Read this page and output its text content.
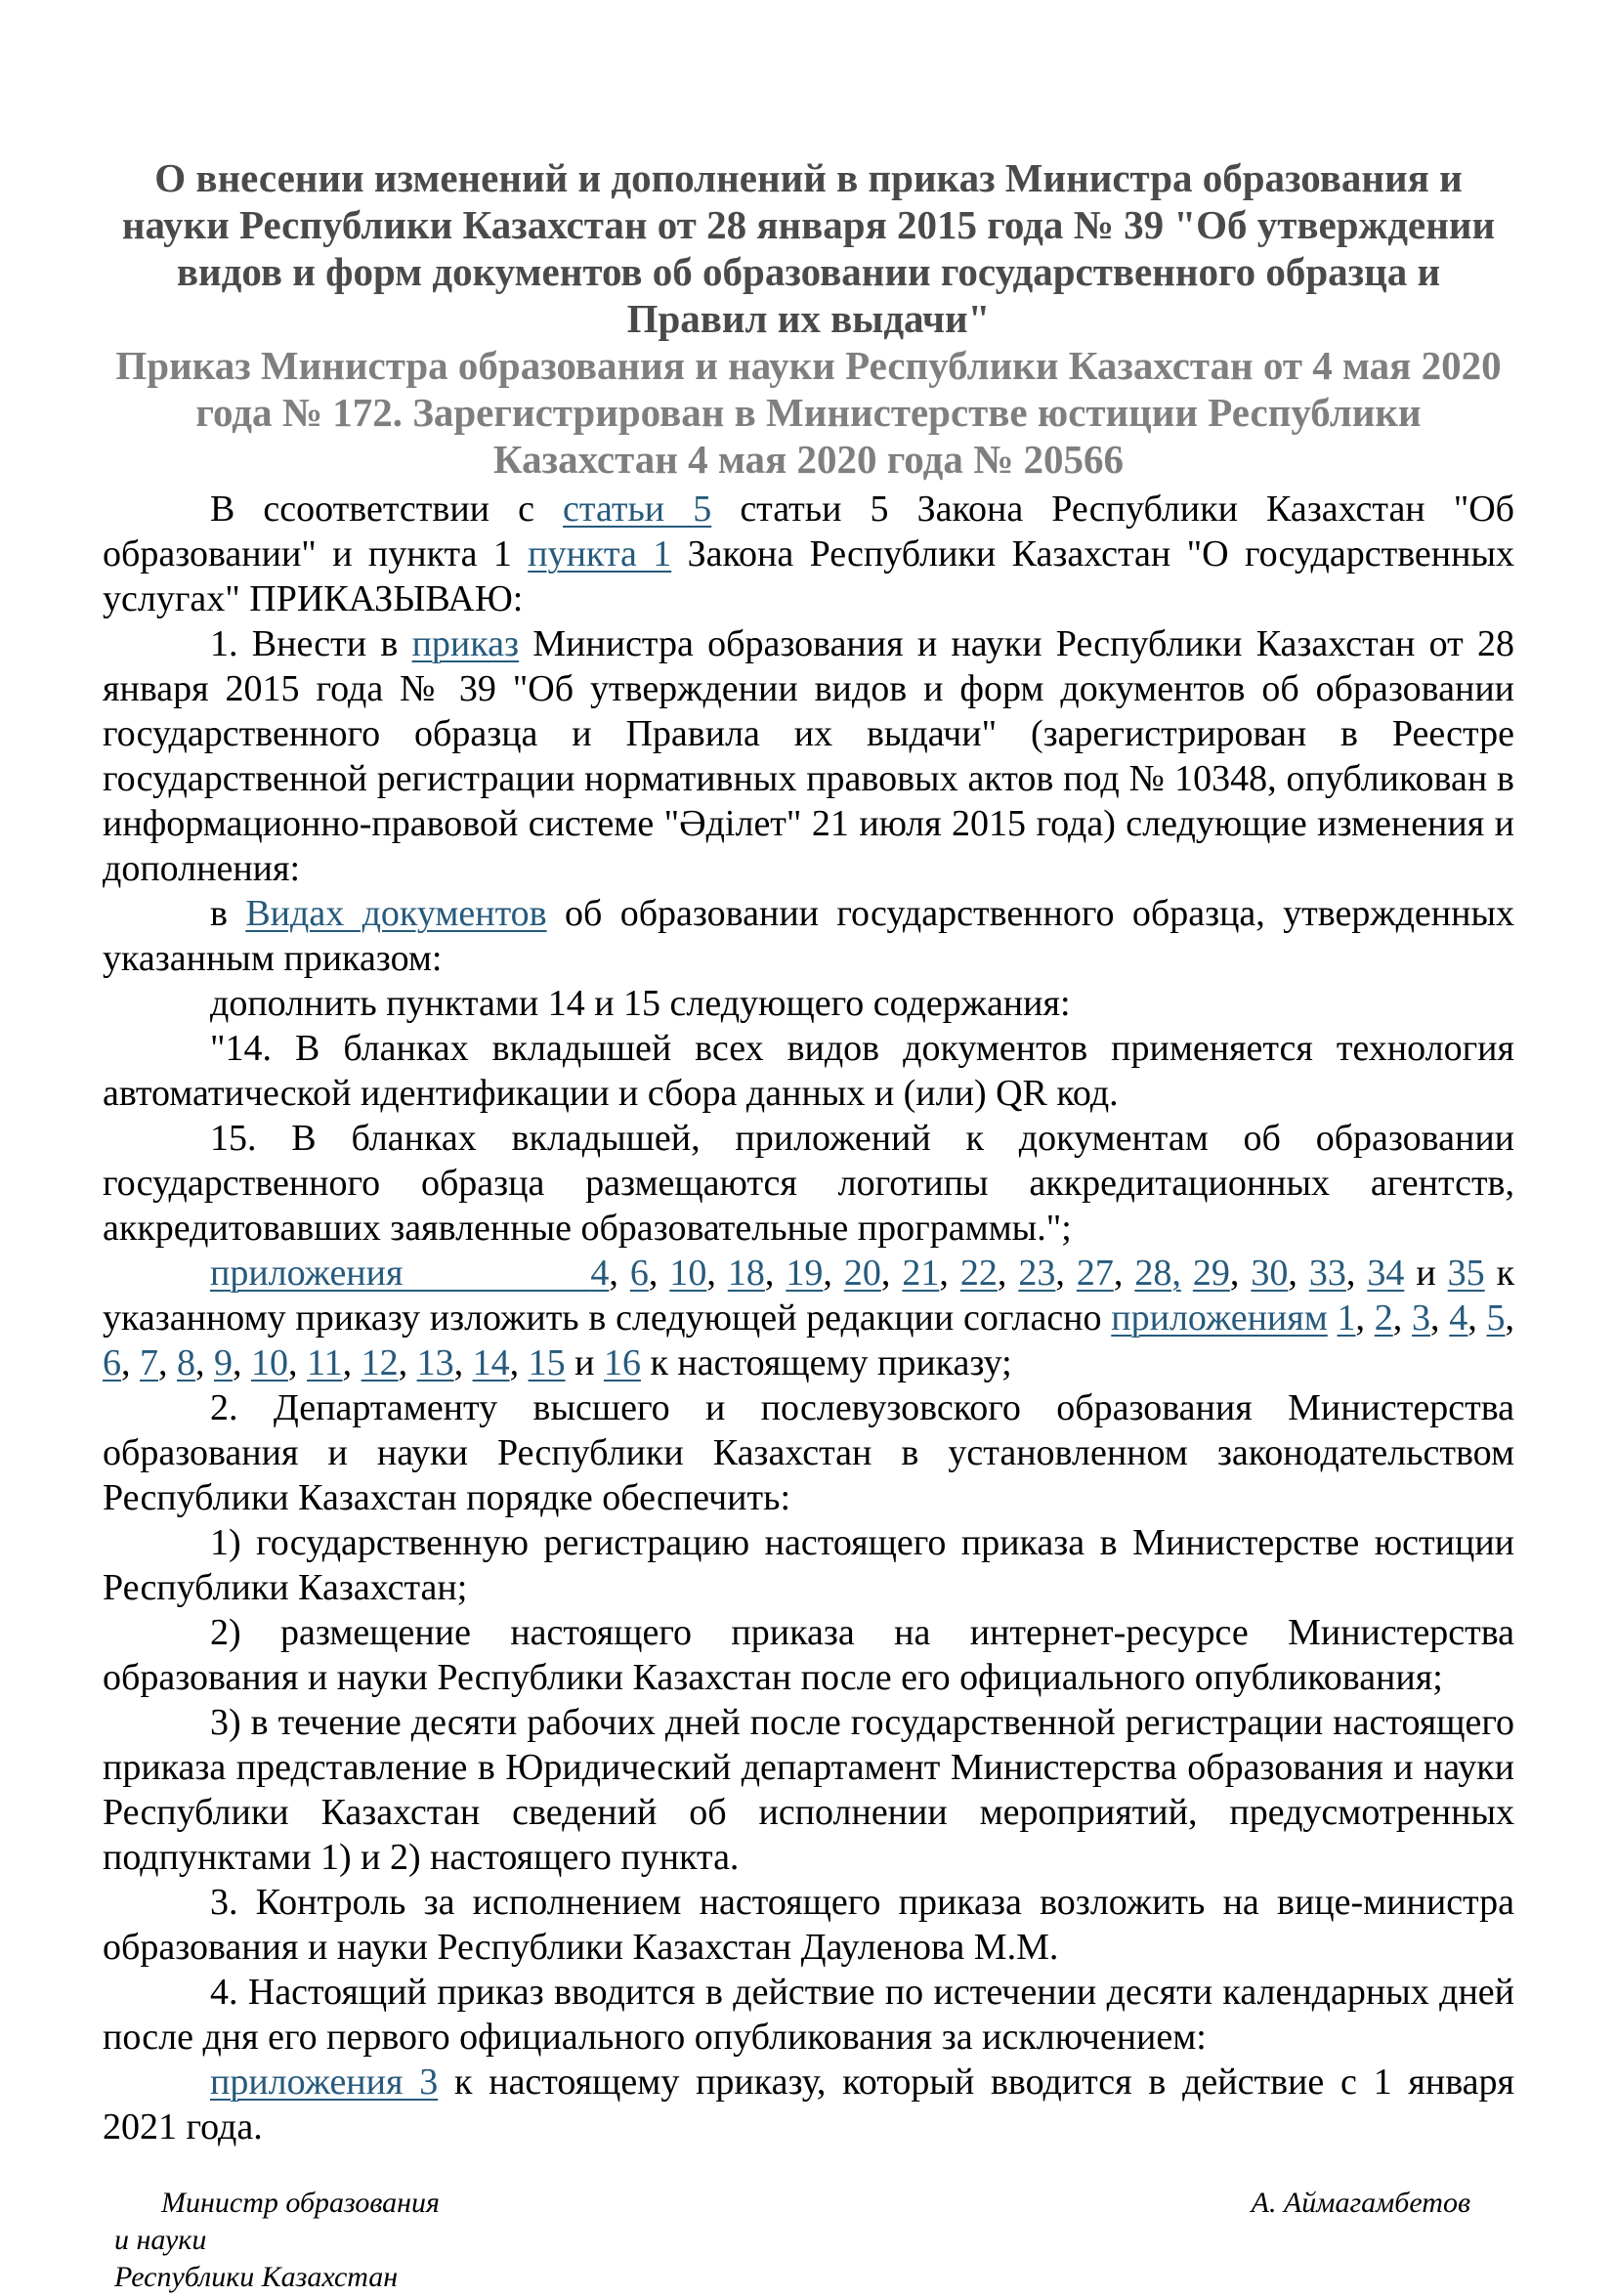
О внесении изменений и дополнений в приказ Министра образования и науки Республики Казахстан от 28 января 2015 года № 39 "Об утверждении видов и форм документов об образовании государственного образца и Правил их выдачи"
Приказ Министра образования и науки Республики Казахстан от 4 мая 2020 года № 172. Зарегистрирован в Министерстве юстиции Республики Казахстан 4 мая 2020 года № 20566

В ссоответствии с статьи 5 статьи 5 Закона Республики Казахстан "Об образовании" и пункта 1 пункта 1 Закона Республики Казахстан "О государственных услугах" ПРИКАЗЫВАЮ:

1. Внести в приказ Министра образования и науки Республики Казахстан от 28 января 2015 года № 39 "Об утверждении видов и форм документов об образовании государственного образца и Правила их выдачи" (зарегистрирован в Реестре государственной регистрации нормативных правовых актов под № 10348, опубликован в информационно-правовой системе "Әділет" 21 июля 2015 года) следующие изменения и дополнения:

в Видах документов об образовании государственного образца, утвержденных указанным приказом:

дополнить пунктами 14 и 15 следующего содержания:

"14. В бланках вкладышей всех видов документов применяется технология автоматической идентификации и сбора данных и (или) QR код.

15. В бланках вкладышей, приложений к документам об образовании государственного образца размещаются логотипы аккредитационных агентств, аккредитовавших заявленные образовательные программы.";

приложения	4, 6, 10, 18, 19, 20, 21, 22, 23, 27, 28, 29, 30, 33, 34 и 35 к указанному приказу изложить в следующей редакции согласно приложениям 1, 2, 3, 4, 5, 6, 7, 8, 9, 10, 11, 12, 13, 14, 15 и 16 к настоящему приказу;

2. Департаменту высшего и послевузовского образования Министерства образования и науки Республики Казахстан в установленном законодательством Республики Казахстан порядке обеспечить:

1) государственную регистрацию настоящего приказа в Министерстве юстиции Республики Казахстан;

2) размещение настоящего приказа на интернет-ресурсе Министерства образования и науки Республики Казахстан после его официального опубликования;

3) в течение десяти рабочих дней после государственной регистрации настоящего приказа представление в Юридический департамент Министерства образования и науки Республики Казахстан сведений об исполнении мероприятий, предусмотренных подпунктами 1) и 2) настоящего пункта.

3. Контроль за исполнением настоящего приказа возложить на вице-министра образования и науки Республики Казахстан Дауленова М.М.

4. Настоящий приказ вводится в действие по истечении десяти календарных дней после дня его первого официального опубликования за исключением:

приложения 3 к настоящему приказу, который вводится в действие с 1 января 2021 года.

Министр образования
и науки
Республики Казахстан
А. Аймагамбетов
